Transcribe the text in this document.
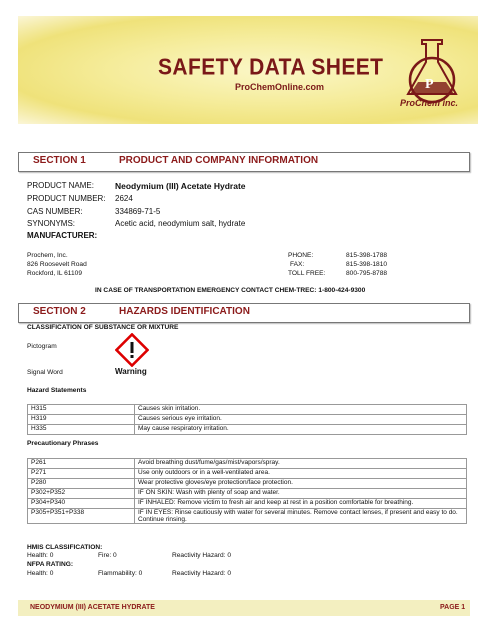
SAFETY DATA SHEET
ProChemOnline.com	P
ProChem inc.
SECTION 1	PRODUCT AND COMPANY INFORMATION
PRODUCT NAME: Neodymium (III) Acetate Hydrate
PRODUCT NUMBER: 2624
CAS NUMBER:	334869-71-5
SYNONYMS:	Acetic acid, neodymium salt, hydrate
MANUFACTURER:
Prochem, Inc.
826 Roosevelt Road
Rockford, IL 61109
PHONE:	815-398-1788
FAX:	815-398-1810
TOLL FREE:	800-795-8788
IN CASE OF TRANSPORTATION EMERGENCY CONTACT CHEM-TREC: 1-800-424-9300
SECTION 2	HAZARDS IDENTIFICATION
CLASSIFICATION OF SUBSTANCE OR MIXTURE
Pictogram
Signal Word	Warning
Hazard Statements
H315	Causes skin irritation.
H319	Causes serious eye irritation.
H335	May cause respiratory irritation.
Precautionary Phrases
P261	Avoid breathing dust/fume/gas/mist/vapors/spray.
P271	Use only outdoors or in a well-ventilated area.
P280	Wear protective gloves/eye protection/face protection.
P302+P352	IF ON SKIN: Wash with plenty of soap and water.
P304+P340	IF INHALED: Remove victim to fresh air and keep at rest in a position comfortable for breathing.
P305+P351+P338	IF IN EYES: Rinse cautiously with water for several minutes. Remove contact lenses, if present and easy to do. Continue rinsing.
HMIS CLASSIFICATION:
Health: 0	Fire: 0	Reactivity Hazard: 0
NFPA RATING:
Health: 0	Flammability: 0	Reactivity Hazard: 0
NEODYMIUM (III) ACETATE HYDRATE	PAGE 1
